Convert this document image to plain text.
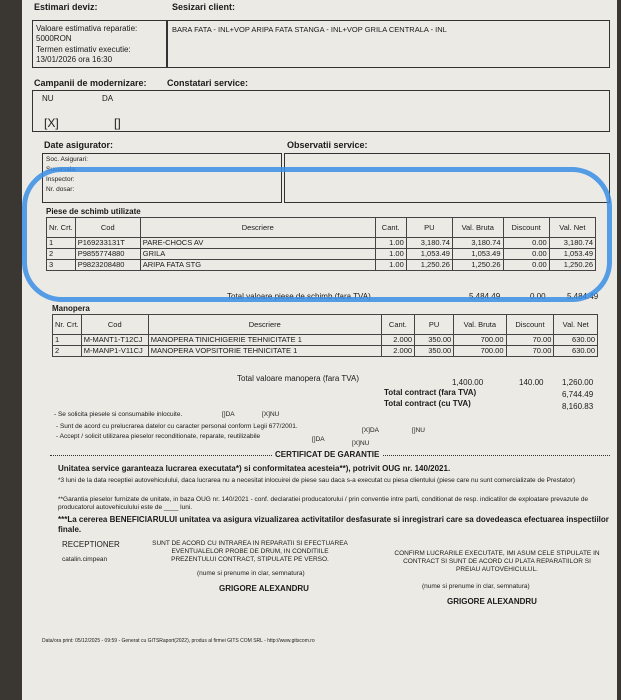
Estimari deviz:	Sesizari client:
Valoare estimativa reparatie:
5000RON
Termen estimativ executie:
13/01/2026 ora 16:30
BARA FATA - INL+VOP ARIPA FATA STANGA - INL+VOP GRILA CENTRALA - INL
Campanii de modernizare: Constatari service:
NU	DA
[X]	[]
Date asigurator:	Observatii service:
Soc. Asigurari:
Sucursala:
Inspector:
Nr. dosar:
Piese de schimb utilizate
Nr. Crt.	Cod	Descriere	Cant.	PU	Val. Bruta	Discount	Val. Net
1	P169233131T	PARE-CHOCS AV	1.00	3,180.74	3,180.74	0.00	3,180.74
2	P9855774880	GRILA	1.00	1,053.49	1,053.49	0.00	1,053.49
3	P9823208480	ARIPA FATA STG	1.00	1,250.26	1,250.26	0.00	1,250.26
Total valoare piese de schimb (fara TVA)	5,484.49	0.00	5,484.49
Manopera
Nr. Crt.	Cod	Descriere	Cant.	PU	Val. Bruta	Discount	Val. Net
1	M-MANT1-T12CJ	MANOPERA TINICHIGERIE TEHNICITATE 1	2.000	350.00	700.00	70.00	630.00
2	M-MANP1-V11CJ	MANOPERA VOPSITORIE TEHNICITATE 1	2.000	350.00	700.00	70.00	630.00
Total valoare manopera (fara TVA)	1,400.00	140.00 1,260.00
Total contract (fara TVA)	6,744.49
Total contract (cu TVA)	8,160.83
- Se solicita piesele si consumabile inlocuite.	[]DA	[X]NU
- Sunt de acord cu prelucrarea datelor cu caracter personal conform Legii 677/2001.
[X]DA	[]NU
- Accept / solicit utilizarea pieselor reconditionate, reparate, reutilizabile	[]DA
[X]NU
CERTIFICAT DE GARANTIE
Unitatea service garanteaza lucrarea executata*) si conformitatea acesteia**), potrivit OUG nr. 140/2021.
*3 luni de la data receptiei autovehiculului, daca lucrarea nu a necesitat inlocuirei de piese sau daca s-a executat cu piesa clientului (piese care nu sunt comercializate de Prestator)
**Garantia pieselor furnizate de unitate, in baza OUG nr. 140/2021 - conf. declaratiei producatorului / prin conventie intre parti, conditionat de resp. indicatilor de exploatare prevazute de producatorul autovehiculului este de ____ luni.
***La cererea BENEFICIARULUI unitatea va asigura vizualizarea activitatilor desfasurate si inregistrari care sa dovedeasca efectuarea inspectiilor finale.
RECEPTIONER
catalin.cimpean
SUNT DE ACORD CU INTRAREA IN REPARATII SI EFECTUAREA EVENTUALELOR PROBE DE DRUM, IN CONDITIILE PREZENTULUI CONTRACT, STIPULATE PE VERSO.
CONFIRM LUCRARILE EXECUTATE, IMI ASUM CELE STIPULATE IN CONTRACT SI SUNT DE ACORD CU PLATA REPARATIILOR SI PREIAU AUTOVEHICULUL.
(nume si prenume in clar, semnatura)
GRIGORE ALEXANDRU	(nume si prenume in clar, semnatura)
GRIGORE ALEXANDRU
Data/ora print: 05/12/2025 - 09:59 - Generat cu GITSRaport(2022), produs al firmei GITS COM SRL - http://www.gitscom.ro
